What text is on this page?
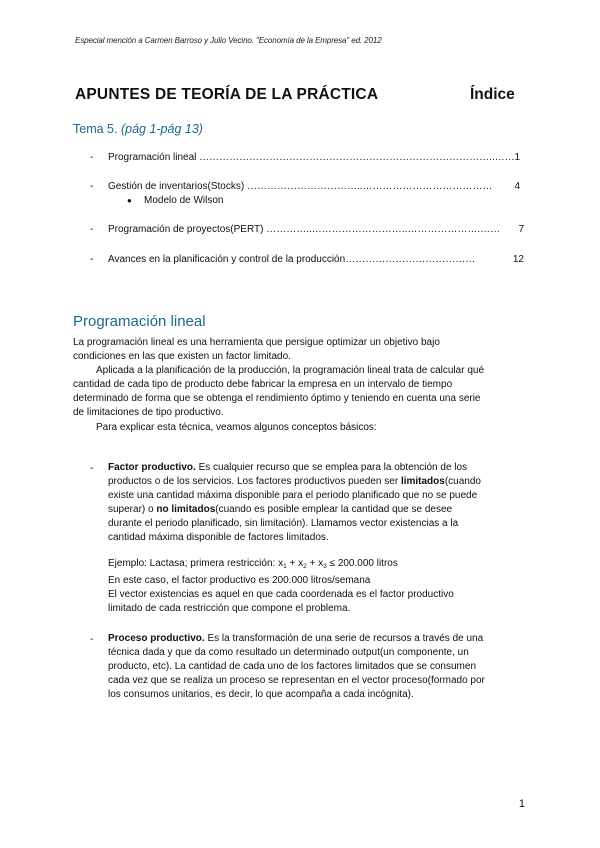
Especial mención a Carmen Barroso y Julio Vecino. "Economía de la Empresa" ed. 2012
APUNTES DE TEORÍA DE LA PRÁCTICA	Índice
Tema 5. (pág 1-pág 13)
- Programación lineal ……………………………………………………………………………..…… 1
- Gestión de inventarios(Stocks) ……………………………..…………………………………	4
● Modelo de Wilson
- Programación de proyectos(PERT) …………..………………………..………………….……	7
- Avances en la planificación y control de la producción…………………………………	12
Programación lineal
La programación lineal es una herramienta que persigue optimizar un objetivo bajo
condiciones en las que existen un factor limitado.
Aplicada a la planificación de la producción, la programación lineal trata de calcular qué
cantidad de cada tipo de producto debe fabricar la empresa en un intervalo de tiempo
determinado de forma que se obtenga el rendimiento óptimo y teniendo en cuenta una serie
de limitaciones de tipo productivo.
Para explicar esta técnica, veamos algunos conceptos básicos:
- Factor productivo. Es cualquier recurso que se emplea para la obtención de los
productos o de los servicios. Los factores productivos pueden ser limitados(cuando
existe una cantidad máxima disponible para el periodo planificado que no se puede
superar) o no limitados(cuando es posible emplear la cantidad que se desee
durante el periodo planificado, sin limitación). Llamamos vector existencias a la
cantidad máxima disponible de factores limitados.
Ejemplo: Lactasa; primera restricción: $x_1 + x_2 + x_3 \le 200.000$ litros
En este caso, el factor productivo es 200.000 litros/semana
El vector existencias es aquel en que cada coordenada es el factor productivo
limitado de cada restricción que compone el problema.
- Proceso productivo. Es la transformación de una serie de recursos a través de una
técnica dada y que da como resultado un determinado output(un componente, un
producto, etc). La cantidad de cada uno de los factores limitados que se consumen
cada vez que se realiza un proceso se representan en el vector proceso(formado por
los consumos unitarios, es decir, lo que acompaña a cada incógnita).
1
